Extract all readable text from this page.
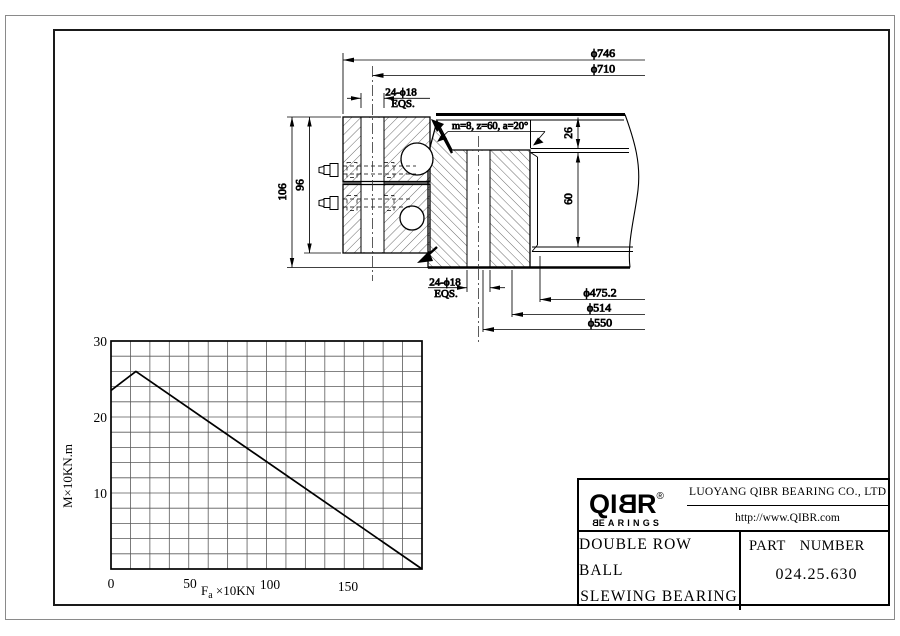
ϕ746
ϕ710
24-ϕ18
EQS.
m=8, z=60, a=20°
26
60
106 96
24-ϕ18
EQS.	ϕ475.2
ϕ514
ϕ550
30
20
10
0	50	100	150
M×10KN.m
$F_a \times 10KN$
QIBR®
BEARINGS
LUOYANG QIBR BEARING CO., LTD
http://www.QIBR.com
DOUBLE ROW BALL
SLEWING BEARING
PART NUMBER
024.25.630
